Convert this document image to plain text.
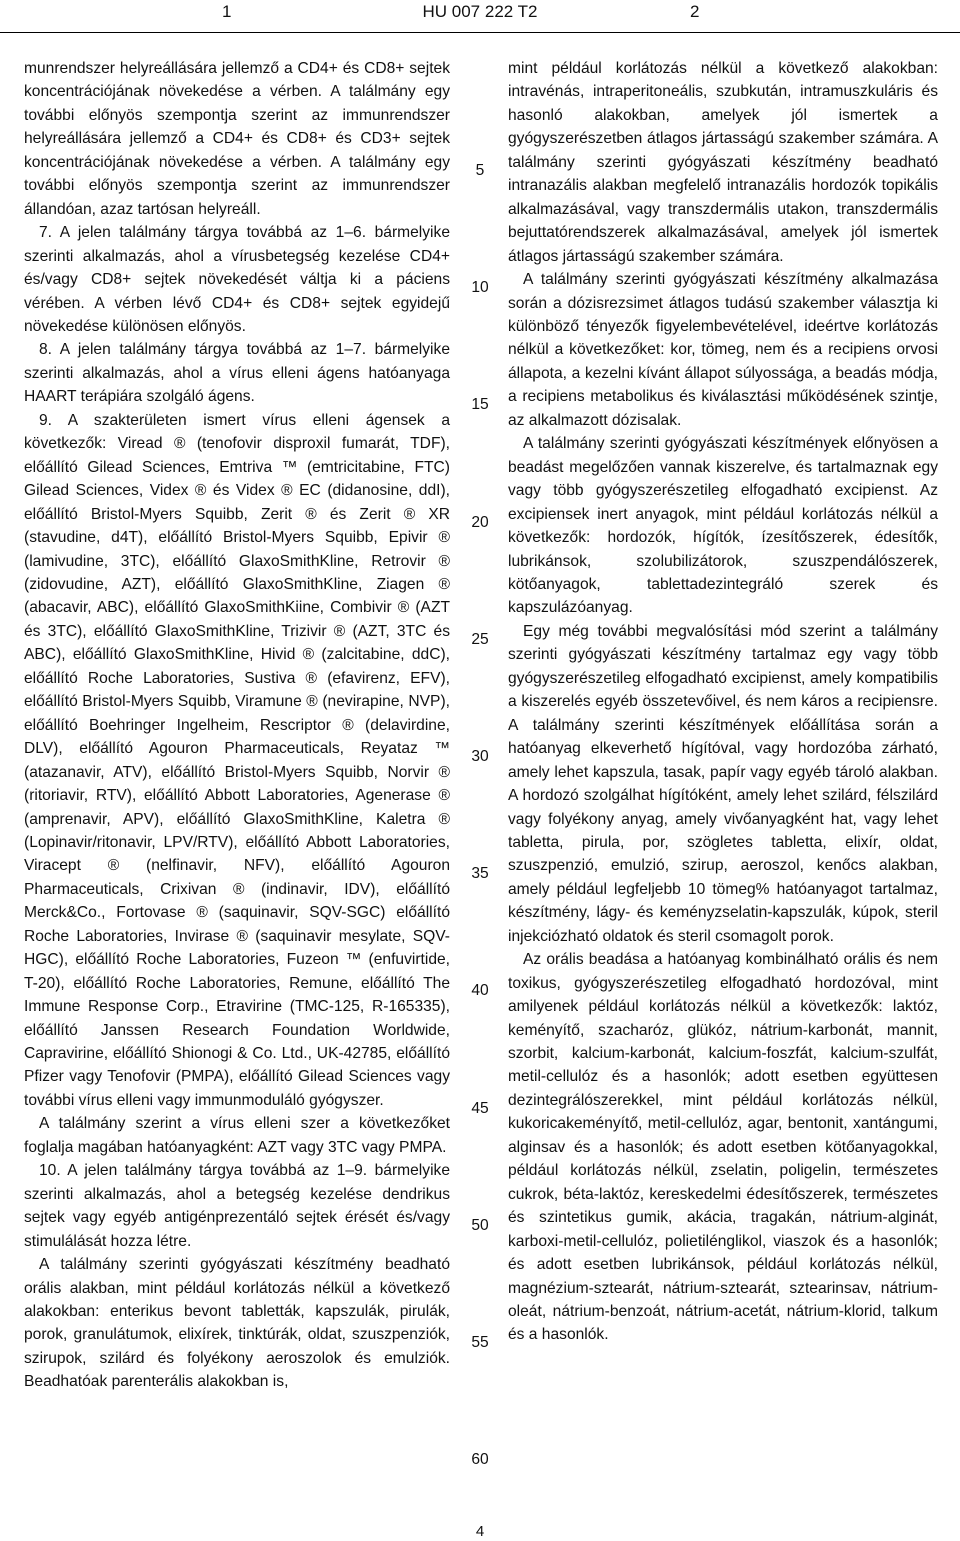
1	HU 007 222 T2	2

munrendszer helyreállására jellemző a CD4+ és CD8+ sejtek koncentrációjának növekedése a vérben. A találmány egy további előnyös szempontja szerint az immunrendszer helyreállására jellemző a CD4+ és CD8+ és CD3+ sejtek koncentrációjának növekedése a vérben. A találmány egy további előnyös szempontja szerint az immunrendszer állandóan, azaz tartósan helyreáll.

7. A jelen találmány tárgya továbbá az 1–6. bármelyike szerinti alkalmazás, ahol a vírusbetegség kezelése CD4+ és/vagy CD8+ sejtek növekedését váltja ki a páciens vérében. A vérben lévő CD4+ és CD8+ sejtek egyidejű növekedése különösen előnyös.

8. A jelen találmány tárgya továbbá az 1–7. bármelyike szerinti alkalmazás, ahol a vírus elleni ágens hatóanyaga HAART terápiára szolgáló ágens.

9. A szakterületen ismert vírus elleni ágensek a következők: Viread ® (tenofovir disproxil fumarát, TDF), előállító Gilead Sciences, Emtriva ™ (emtricitabine, FTC) Gilead Sciences, Videx ® és Videx ® EC (didanosine, ddI), előállító Bristol-Myers Squibb, Zerit ® és Zerit ® XR (stavudine, d4T), előállító Bristol-Myers Squibb, Epivir ® (lamivudine, 3TC), előállító GlaxoSmithKline, Retrovir ® (zidovudine, AZT), előállító GlaxoSmithKline, Ziagen ® (abacavir, ABC), előállító GlaxoSmithKiine, Combivir ® (AZT és 3TC), előállító GlaxoSmithKline, Trizivir ® (AZT, 3TC és ABC), előállító GlaxoSmithKline, Hivid ® (zalcitabine, ddC), előállító Roche Laboratories, Sustiva ® (efavirenz, EFV), előállító Bristol-Myers Squibb, Viramune ® (nevirapine, NVP), előállító Boehringer Ingelheim, Rescriptor ® (delavirdine, DLV), előállító Agouron Pharmaceuticals, Reyataz ™ (atazanavir, ATV), előállító Bristol-Myers Squibb, Norvir ® (ritoriavir, RTV), előállító Abbott Laboratories, Agenerase ® (amprenavir, APV), előállító GlaxoSmithKline, Kaletra ® (Lopinavir/ritonavir, LPV/RTV), előállító Abbott Laboratories, Viracept ® (nelfinavir, NFV), előállító Agouron Pharmaceuticals, Crixivan ® (indinavir, IDV), előállító Merck&Co., Fortovase ® (saquinavir, SQV-SGC) előállító Roche Laboratories, Invirase ® (saquinavir mesylate, SQV-HGC), előállító Roche Laboratories, Fuzeon ™ (enfuvirtide, T-20), előállító Roche Laboratories, Remune, előállító The Immune Response Corp., Etravirine (TMC-125, R-165335), előállító Janssen Research Foundation Worldwide, Capravirine, előállító Shionogi & Co. Ltd., UK-42785, előállító Pfizer vagy Tenofovir (PMPA), előállító Gilead Sciences vagy további vírus elleni vagy immunmoduláló gyógyszer.

A találmány szerint a vírus elleni szer a következőket foglalja magában hatóanyagként: AZT vagy 3TC vagy PMPA.

10. A jelen találmány tárgya továbbá az 1–9. bármelyike szerinti alkalmazás, ahol a betegség kezelése dendrikus sejtek vagy egyéb antigénprezentáló sejtek érését és/vagy stimulálását hozza létre.

A találmány szerinti gyógyászati készítmény beadható orális alakban, mint például korlátozás nélkül a következő alakokban: enterikus bevont tabletták, kapszulák, pirulák, porok, granulátumok, elixírek, tinktúrák, oldat, szuszpenziók, szirupok, szilárd és folyékony aeroszolok és emulziók. Beadhatóak parenterális alakokban is,

mint például korlátozás nélkül a következő alakokban: intravénás, intraperitoneális, szubkután, intramuszkuláris és hasonló alakokban, amelyek jól ismertek a gyógyszerészetben átlagos jártasságú szakember számára. A találmány szerinti gyógyászati készítmény beadható intranazális alakban megfelelő intranazális hordozók topikális alkalmazásával, vagy transzdermális utakon, transzdermális bejuttatórendszerek alkalmazásával, amelyek jól ismertek átlagos jártasságú szakember számára.

A találmány szerinti gyógyászati készítmény alkalmazása során a dózisrezsimet átlagos tudású szakember választja ki különböző tényezők figyelembevételével, ideértve korlátozás nélkül a következőket: kor, tömeg, nem és a recipiens orvosi állapota, a kezelni kívánt állapot súlyossága, a beadás módja, a recipiens metabolikus és kiválasztási működésének szintje, az alkalmazott dózisalak.

A találmány szerinti gyógyászati készítmények előnyösen a beadást megelőzően vannak kiszerelve, és tartalmaznak egy vagy több gyógyszerészetileg elfogadható excipienst. Az excipiensek inert anyagok, mint például korlátozás nélkül a következők: hordozók, hígítók, ízesítőszerek, édesítők, lubrikánsok, szolubilizátorok, szuszpendálószerek, kötőanyagok, tablettadezintegráló szerek és kapszulázóanyag.

Egy még további megvalósítási mód szerint a találmány szerinti gyógyászati készítmény tartalmaz egy vagy több gyógyszerészetileg elfogadható excipienst, amely kompatibilis a kiszerelés egyéb összetevőivel, és nem káros a recipiensre. A találmány szerinti készítmények előállítása során a hatóanyag elkeverhető hígítóval, vagy hordozóba zárható, amely lehet kapszula, tasak, papír vagy egyéb tároló alakban. A hordozó szolgálhat hígítóként, amely lehet szilárd, félszilárd vagy folyékony anyag, amely vivőanyagként hat, vagy lehet tabletta, pirula, por, szögletes tabletta, elixír, oldat, szuszpenzió, emulzió, szirup, aeroszol, kenőcs alakban, amely például legfeljebb 10 tömeg% hatóanyagot tartalmaz, készítmény, lágy- és keményzselatin-kapszulák, kúpok, steril injekciózható oldatok és steril csomagolt porok.

Az orális beadása a hatóanyag kombinálható orális és nem toxikus, gyógyszerészetileg elfogadható hordozóval, mint amilyenek például korlátozás nélkül a következők: laktóz, keményítő, szacharóz, glükóz, nátrium-karbonát, mannit, szorbit, kalcium-karbonát, kalcium-foszfát, kalcium-szulfát, metil-cellulóz és a hasonlók; adott esetben együttesen dezintegrálószerekkel, mint például korlátozás nélkül, kukoricakeményítő, metil-cellulóz, agar, bentonit, xantángumi, alginsav és a hasonlók; és adott esetben kötőanyagokkal, például korlátozás nélkül, zselatin, poligelin, természetes cukrok, béta-laktóz, kereskedelmi édesítőszerek, természetes és szintetikus gumik, akácia, tragakán, nátrium-alginát, karboxi-metil-cellulóz, polietilénglikol, viaszok és a hasonlók; és adott esetben lubrikánsok, például korlátozás nélkül, magnézium-sztearát, nátrium-sztearát, sztearinsav, nátrium-oleát, nátrium-benzoát, nátrium-acetát, nátrium-klorid, talkum és a hasonlók.

5
10
15
20
25
30
35
40
45
50
55
60
4
